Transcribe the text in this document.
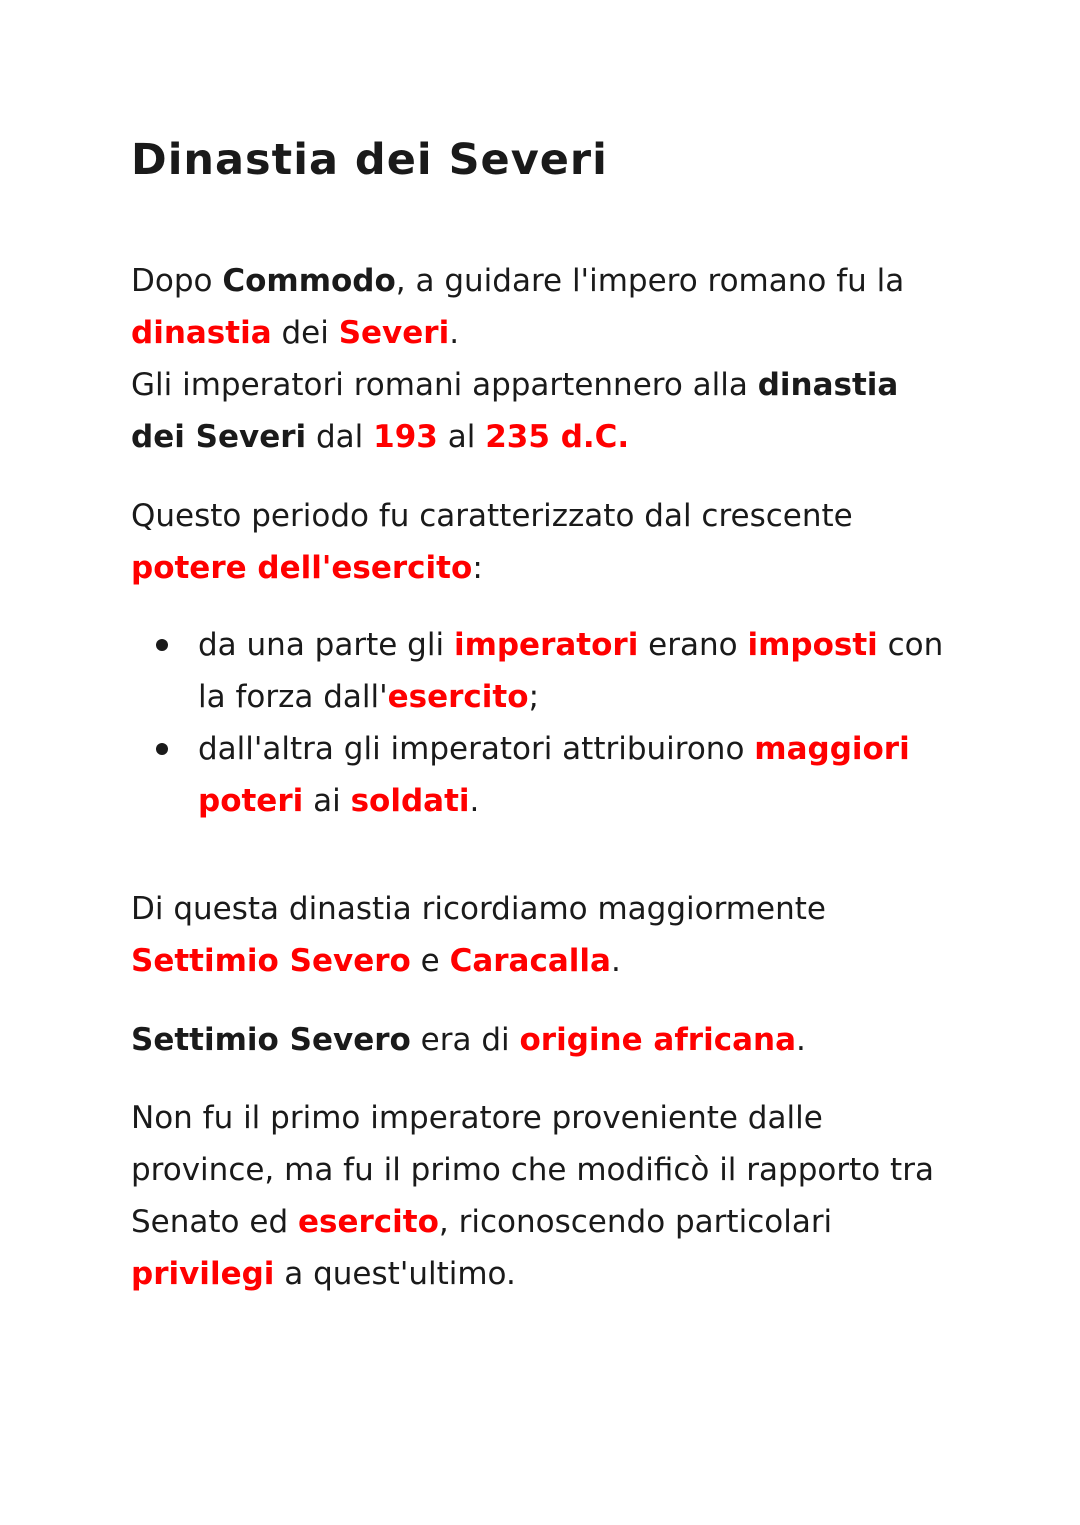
Dinastia dei Severi
Dopo Commodo, a guidare l'impero romano fu la dinastia dei Severi.
Gli imperatori romani appartennero alla dinastia dei Severi dal 193 al 235 d.C.
Questo periodo fu caratterizzato dal crescente potere dell'esercito:
da una parte gli imperatori erano imposti con la forza dall'esercito;
dall'altra gli imperatori attribuirono maggiori poteri ai soldati.
Di questa dinastia ricordiamo maggiormente Settimio Severo e Caracalla.
Settimio Severo era di origine africana.
Non fu il primo imperatore proveniente dalle province, ma fu il primo che modificò il rapporto tra Senato ed esercito, riconoscendo particolari privilegi a quest'ultimo.
